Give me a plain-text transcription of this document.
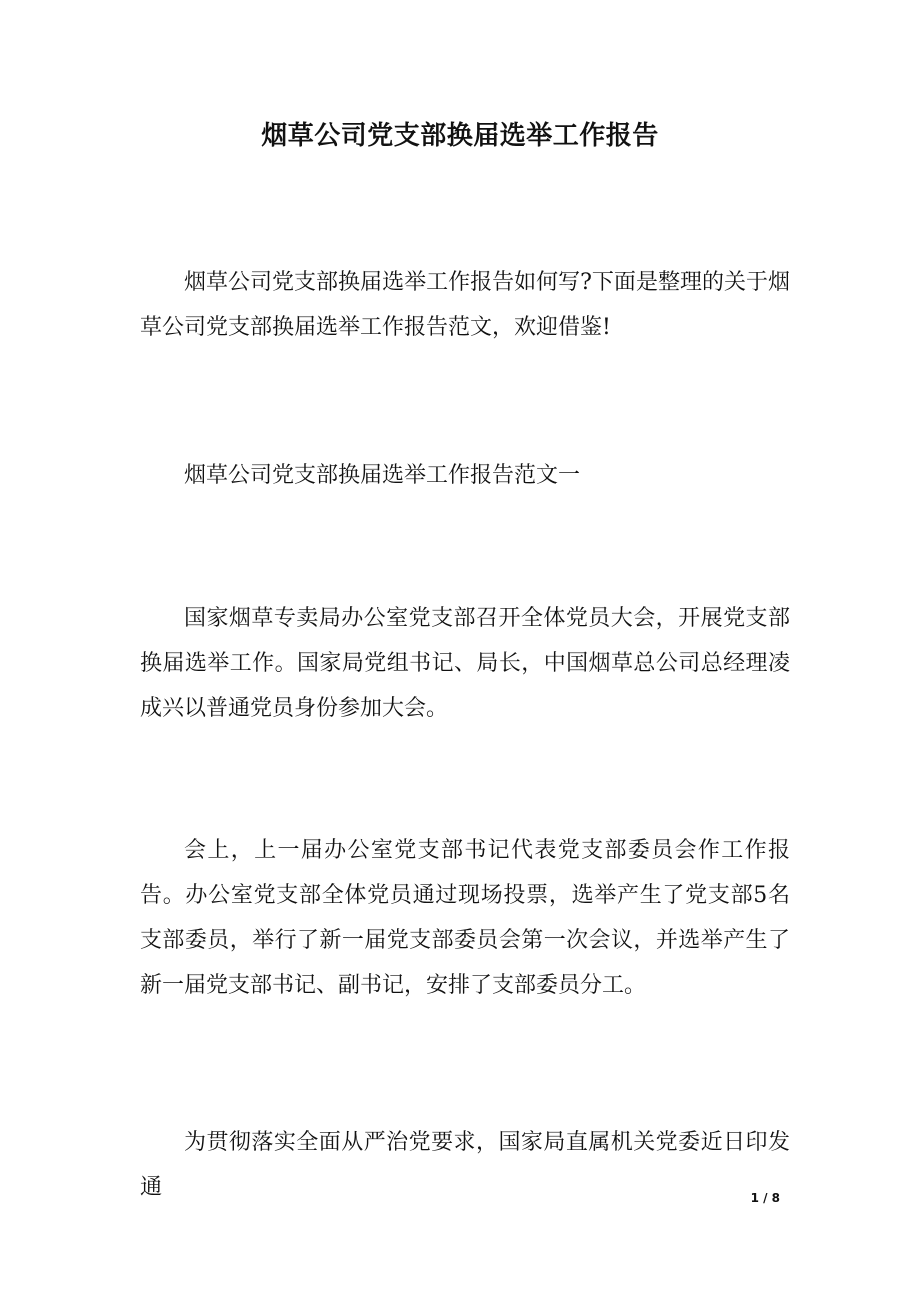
烟草公司党支部换届选举工作报告

烟草公司党支部换届选举工作报告如何写?下面是整理的关于烟草公司党支部换届选举工作报告范文，欢迎借鉴!

烟草公司党支部换届选举工作报告范文一

国家烟草专卖局办公室党支部召开全体党员大会，开展党支部换届选举工作。国家局党组书记、局长，中国烟草总公司总经理凌成兴以普通党员身份参加大会。

会上，上一届办公室党支部书记代表党支部委员会作工作报告。办公室党支部全体党员通过现场投票，选举产生了党支部5名支部委员，举行了新一届党支部委员会第一次会议，并选举产生了新一届党支部书记、副书记，安排了支部委员分工。

为贯彻落实全面从严治党要求，国家局直属机关党委近日印发通	1 / 8
